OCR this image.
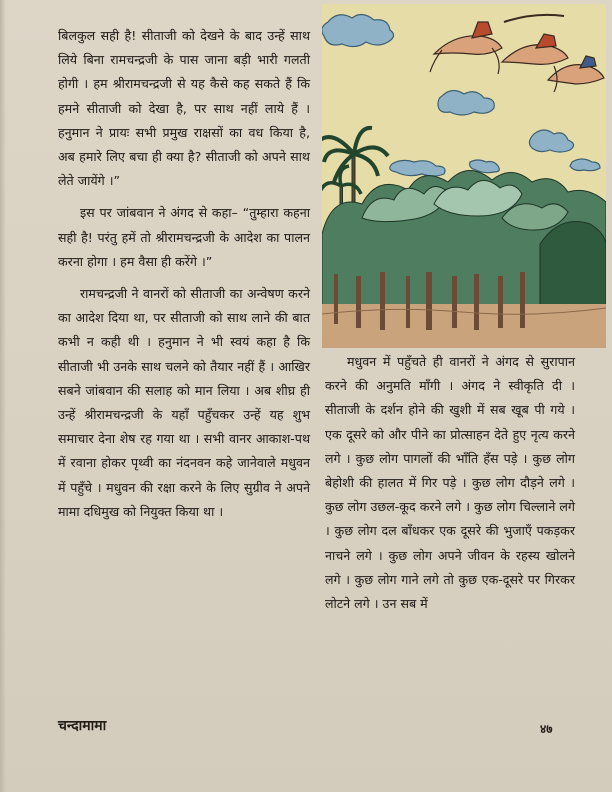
बिलकुल सही है! सीताजी को देखने के बाद उन्हें साथ लिये बिना रामचन्द्रजी के पास जाना बड़ी भारी गलती होगी । हम श्रीरामचन्द्रजी से यह कैसे कह सकते हैं कि हमने सीताजी को देखा है, पर साथ नहीं लाये हैं । हनुमान ने प्रायः सभी प्रमुख राक्षसों का वध किया है, अब हमारे लिए बचा ही क्या है? सीताजी को अपने साथ लेते जायेंगे ।”

इस पर जांबवान ने अंगद से कहा– “तुम्हारा कहना सही है! परंतु हमें तो श्रीरामचन्द्रजी के आदेश का पालन करना होगा । हम वैसा ही करेंगे ।”

रामचन्द्रजी ने वानरों को सीताजी का अन्वेषण करने का आदेश दिया था, पर सीताजी को साथ लाने की बात कभी न कही थी । हनुमान ने भी स्वयं कहा है कि सीताजी भी उनके साथ चलने को तैयार नहीं हैं । आखिर सबने जांबवान की सलाह को मान लिया । अब शीघ्र ही उन्हें श्रीरामचन्द्रजी के यहाँ पहुँचकर उन्हें यह शुभ समाचार देना शेष रह गया था । सभी वानर आकाश-पथ में रवाना होकर पृथ्वी का नंदनवन कहे जानेवाले मधुवन में पहुँचे । मधुवन की रक्षा करने के लिए सुग्रीव ने अपने मामा दधिमुख को नियुक्त किया था ।

मधुवन में पहुँचते ही वानरों ने अंगद से सुरापान करने की अनुमति माँगी । अंगद ने स्वीकृति दी । सीताजी के दर्शन होने की खुशी में सब खूब पी गये । एक दूसरे को और पीने का प्रोत्साहन देते हुए नृत्य करने लगे । कुछ लोग पागलों की भाँति हँस पड़े । कुछ लोग बेहोशी की हालत में गिर पड़े । कुछ लोग दौड़ने लगे । कुछ लोग उछल-कूद करने लगे । कुछ लोग चिल्लाने लगे । कुछ लोग दल बाँधकर एक दूसरे की भुजाएँ पकड़कर नाचने लगे । कुछ लोग अपने जीवन के रहस्य खोलने लगे । कुछ लोग गाने लगे तो कुछ एक-दूसरे पर गिरकर लोटने लगे । उन सब में

चन्दामामा	४७
